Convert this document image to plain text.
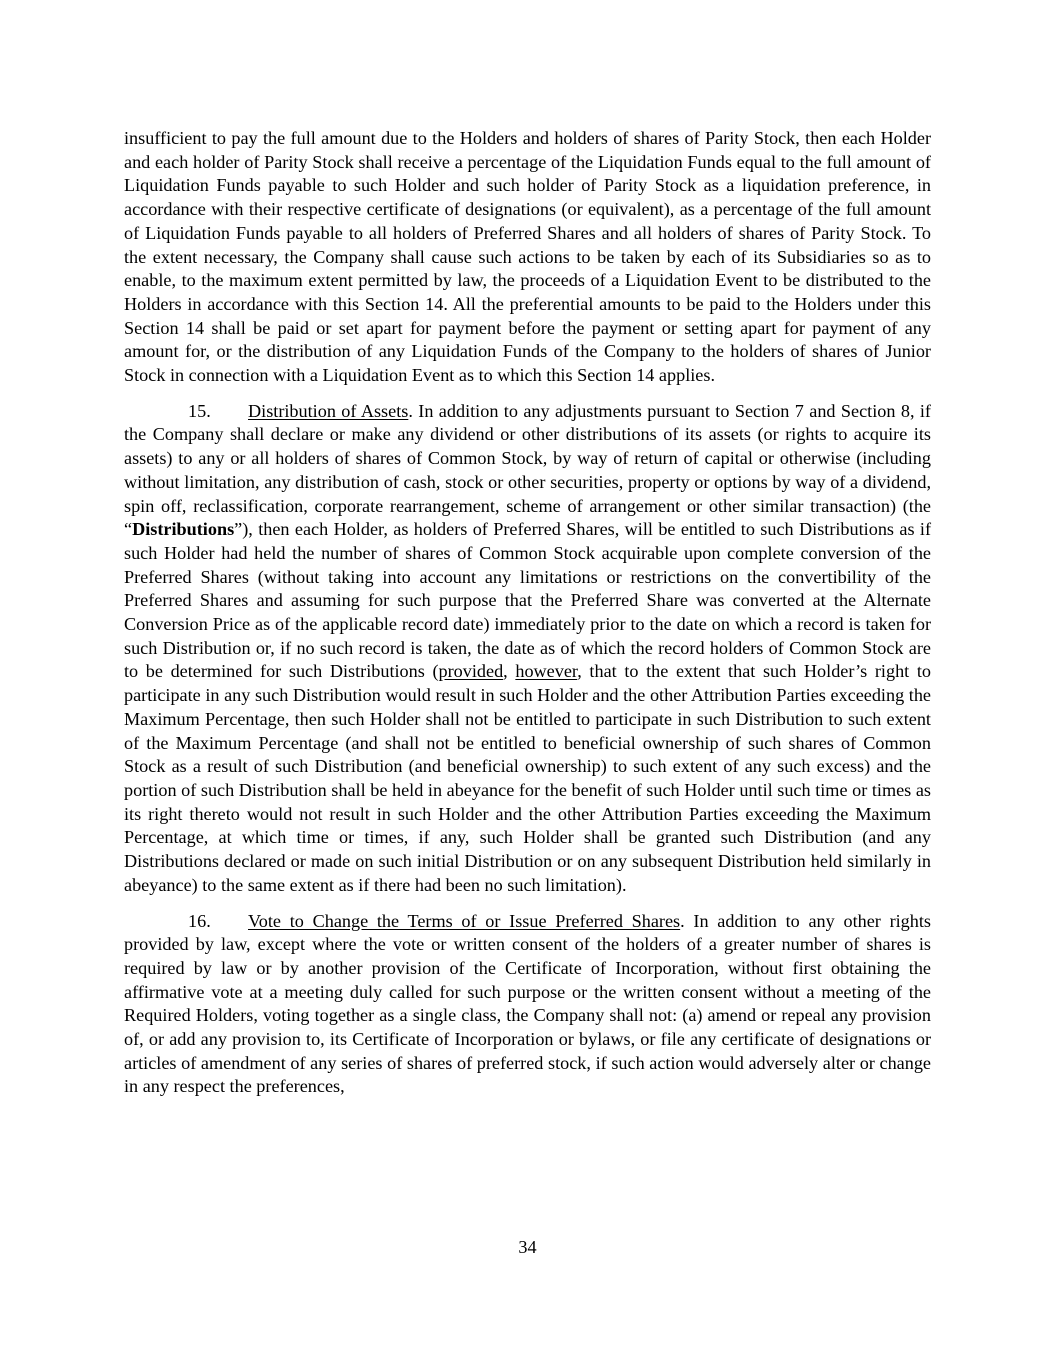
insufficient to pay the full amount due to the Holders and holders of shares of Parity Stock, then each Holder and each holder of Parity Stock shall receive a percentage of the Liquidation Funds equal to the full amount of Liquidation Funds payable to such Holder and such holder of Parity Stock as a liquidation preference, in accordance with their respective certificate of designations (or equivalent), as a percentage of the full amount of Liquidation Funds payable to all holders of Preferred Shares and all holders of shares of Parity Stock. To the extent necessary, the Company shall cause such actions to be taken by each of its Subsidiaries so as to enable, to the maximum extent permitted by law, the proceeds of a Liquidation Event to be distributed to the Holders in accordance with this Section 14. All the preferential amounts to be paid to the Holders under this Section 14 shall be paid or set apart for payment before the payment or setting apart for payment of any amount for, or the distribution of any Liquidation Funds of the Company to the holders of shares of Junior Stock in connection with a Liquidation Event as to which this Section 14 applies.

15. Distribution of Assets. In addition to any adjustments pursuant to Section 7 and Section 8, if the Company shall declare or make any dividend or other distributions of its assets (or rights to acquire its assets) to any or all holders of shares of Common Stock, by way of return of capital or otherwise (including without limitation, any distribution of cash, stock or other securities, property or options by way of a dividend, spin off, reclassification, corporate rearrangement, scheme of arrangement or other similar transaction) (the “Distributions”), then each Holder, as holders of Preferred Shares, will be entitled to such Distributions as if such Holder had held the number of shares of Common Stock acquirable upon complete conversion of the Preferred Shares (without taking into account any limitations or restrictions on the convertibility of the Preferred Shares and assuming for such purpose that the Preferred Share was converted at the Alternate Conversion Price as of the applicable record date) immediately prior to the date on which a record is taken for such Distribution or, if no such record is taken, the date as of which the record holders of Common Stock are to be determined for such Distributions (provided, however, that to the extent that such Holder’s right to participate in any such Distribution would result in such Holder and the other Attribution Parties exceeding the Maximum Percentage, then such Holder shall not be entitled to participate in such Distribution to such extent of the Maximum Percentage (and shall not be entitled to beneficial ownership of such shares of Common Stock as a result of such Distribution (and beneficial ownership) to such extent of any such excess) and the portion of such Distribution shall be held in abeyance for the benefit of such Holder until such time or times as its right thereto would not result in such Holder and the other Attribution Parties exceeding the Maximum Percentage, at which time or times, if any, such Holder shall be granted such Distribution (and any Distributions declared or made on such initial Distribution or on any subsequent Distribution held similarly in abeyance) to the same extent as if there had been no such limitation).

16. Vote to Change the Terms of or Issue Preferred Shares. In addition to any other rights provided by law, except where the vote or written consent of the holders of a greater number of shares is required by law or by another provision of the Certificate of Incorporation, without first obtaining the affirmative vote at a meeting duly called for such purpose or the written consent without a meeting of the Required Holders, voting together as a single class, the Company shall not: (a) amend or repeal any provision of, or add any provision to, its Certificate of Incorporation or bylaws, or file any certificate of designations or articles of amendment of any series of shares of preferred stock, if such action would adversely alter or change in any respect the preferences,

34
